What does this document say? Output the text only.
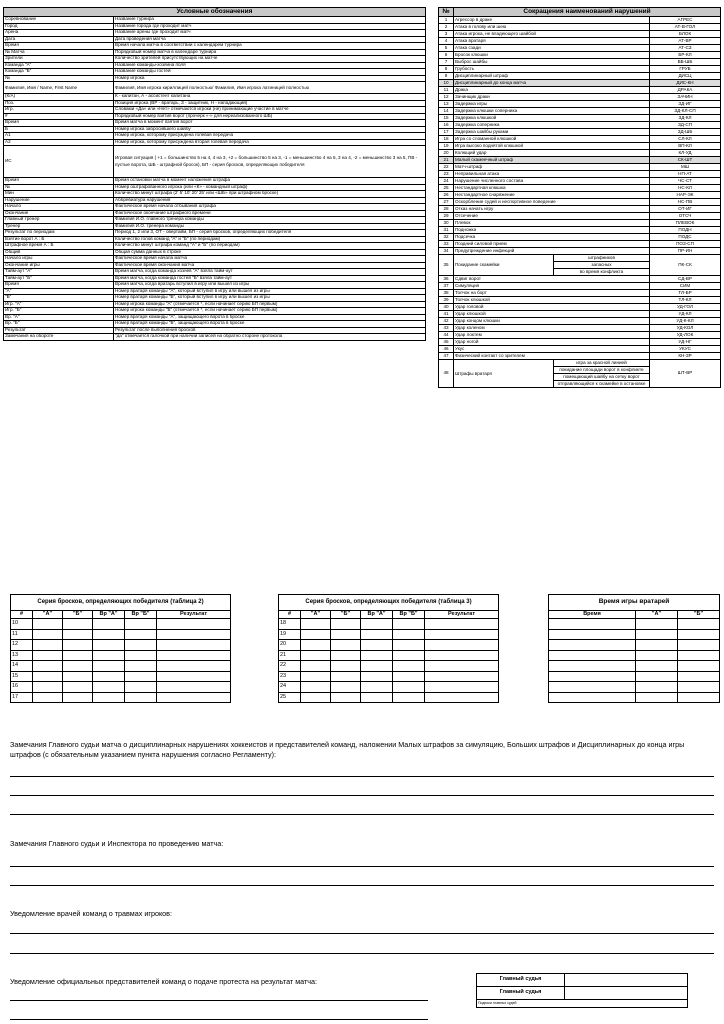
Условные обозначения	
Соревнование	Название турнира
Город	Название города где проходит матч
Арена	Название арены где проходит матч
Дата	Дата проведения матча
Время	Время начала матча в соответствии с календарем турнира
№ Матча	Порядковый номер матча в календаре турнира
Зрители	Количество зрителей присутствующих на матче
Команда "А"	Название команды-хозяина поля
Команда "Б"	Название команды гостей
№	Номер игрока
Фамилия, Имя / Name, First Name	Фамилия, Имя игрока кириллицей полностью/ Фамилия, Имя игрока латиницей полностью
(К/А)	К - капитан, А - ассистент капитана
Поз.	Позиция игрока (ВР - вратарь, З - защитник, Н - нападающий)
Игр.	Словами «Да» или «Нет» отмечаются игроки (не) принимающие участие в матче
#	Порядковый номер взятия ворот (прочерк «-» для нереализованного ШБ)
Время	Время матча в момент взятия ворот
Б	Номер игрока забросившего шайбу
А1	Номер игрока, которому присуждена голевая передача
А2	Номер игрока, которому присуждена вторая голевая передача
ИС	Игровая ситуация ( +1 = большинство 5 на 4, 4 на 3, +2 = большинство 5 на 3, -1 = меньшинство 4 на 5, 3 на 4, -2 = меньшинство 3 на 5, ПВ - пустые ворота, ШБ - штрафной бросок), БП - серия бросков, определяющих победителя
Время	Время остановки матча в момент наложения штрафа
№	Номер оштрафованного игрока (или «К» - командный штраф)
Мин	Количество минут штрафа (2' 5' 10' 20' 25' или «ШБ» при штрафном броске)
Нарушение	Аббревиатура нарушения
Начало	Фактическое время начала отбывания штрафа
Окончание	Фактическое окончание штрафного времени
Главный тренер	Фамилия И.О. главного тренера команды
Тренер	Фамилия И.О. тренера команды
Результат по периодам	Период 1, 2 или 3, ОТ - овертайм, БП - серия бросков, определяющих победителя
Взятие ворот А : Б	Количество голов команд "А" и "Б" (по периодам)
Штрафное время А : Б	Количество минут штрафа команд "А" и "Б" (по периодам)
Общий	Общая сумма данных в строке
Начало игры	Фактическое время начала матча
Окончание игры	Фактическое время окончания матча
Тайм-аут "А"	Время матча, когда команда хозяев "А" взяла тайм-аут
Тайм-аут "Б"	Время матча, когда команда гостей "Б" взяла тайм-аут
Время	Время матча, когда вратарь вступил в игру или вышел из игры
"А"	Номер вратаря команды "А", который вступил в игру или вышел из игры
"Б"	Номер вратаря команды "Б", который вступил в игру или вышел из игры
Игр. "А"	Номер игрока команды "А" (отмечается *, если начинает серию БП первым)
Игр. "Б"	Номер игрока команды "Б" (отмечается *, если начинает серию БП первым)
Вр. "А"	Номер вратаря команды "А", защищающего ворота в броске
Вр. "Б"	Номер вратаря команды "Б", защищающего ворота в броске
Результат	Результат после выполнения бросков
Замечания на обороте	"да" отмечается галочкой при наличии записей на обратно стороне протокола
№	Сокращения наименований нарушений		
1	Агрессор в драке		АГРЕС
2	Атака в голову или шею		АТ-В-ГОЛ
3	Атака игрока, не владеющего шайбой		БЛОК
4	Атака вратаря		АТ-ВР
5	Атака сзади		АТ-СЗ
6	Бросок клюшки		БР-КЛ
7	Выброс шайбы		ВБ-ШБ
8	Грубость		ГРУБ
9	Дисциплинарный штраф		ДИСЦ
10	Дисциплинарный до конца матча		ДИС-КН
11	Драка		ДРАКА
12	Зачинщик драки		ЗАЧИН
13	Задержка игры		ЗД-ИГ
14	Задержка клюшки соперника		ЗД-КЛ-СП
15	Задержка клюшкой		ЗД-КЛ
16	Задержка соперника		ЗД-СП
17	Задержка шайбы руками		ЗД-ШБ
18	Игра со сломанной клюшкой		СЛ-КЛ
19	Игра высоко поднятой клюшкой		ВП-КЛ
20	Колющий удар		КЛ-УД
21	Малый скамеечный штраф		СК-ШТ
22	Матч-штраф		МШ
23	Неправильная атака		НП-АТ
24	Нарушение численного состава		ЧС-СТ
25	Нестандартная клюшка		НС-КЛ
26	Нестандартное снаряжение		НАР-ЭК
27	Оскорбление судей и неспортивное поведение		НС-ПВ
28	Отказ начать игру		ОТ-ИГ
29	Отсечение		ОТСЧ
30	Плевок		ПЛЕВОК
31	Подножка		ПОДН
32	Подсечка		ПОДС
33	Поздний силовой прием		ПОЗ-СП
34	Предупреждение инфекций		ПР-ИН
35	Покидание скамейки	штрафников	ПК-СК
		запасных	
		во время конфликта	
36	Сдвиг ворот		СД-ВР
37	Симуляция		СИМ
38	Толчок на борт		ТЛ-БР
39	Толчок клюшкой		ТЛ-КЛ
40	Удар головой		УД-ГОЛ
41	Удар клюшкой		УД-КЛ
42	Удар концом клюшки		УД-К-КЛ
43	Удар коленом		УД-КОЛ
44	Удар локтем		УД-ЛОК
45	Удар ногой		УД-НГ
46	Укус		УКУС
47	Физический контакт со зрителем		КН-ЗР
48	Штрафы вратаря	игра за красной линией	ШТ-ВР
		покидание площади ворот в конфликте	
		помещающий шайбу на сетку ворот	
		отправляющийся к скамейке в остановке	
Серия бросков, определяющих победителя (таблица 2)					
#	"А"	"Б"	Вр "А"	Вр "Б"	Результат
10					
11					
12					
13					
14					
15					
16					
17					
Серия бросков, определяющих победителя (таблица 3)					
#	"А"	"Б"	Вр "А"	Вр "Б"	Результат
18					
19					
20					
21					
22					
23					
24					
25					
Время игры вратарей		
Время	"А"	"Б"

Замечания Главного судьи матча о дисциплинарных нарушениях хоккеистов и представителей команд, наложении Малых штрафов за симуляцию, Больших штрафов и Дисциплинарных до конца игры штрафов (с обязательным указанием пункта нарушения согласно Регламенту):
Замечания Главного судьи и Инспектора по проведению матча:
Уведомление врачей команд о травмах игроков:
Уведомление официальных представителей команд о подаче протеста на результат матча:	Главный судья	
Главный судья	
Подписи главных судей	
